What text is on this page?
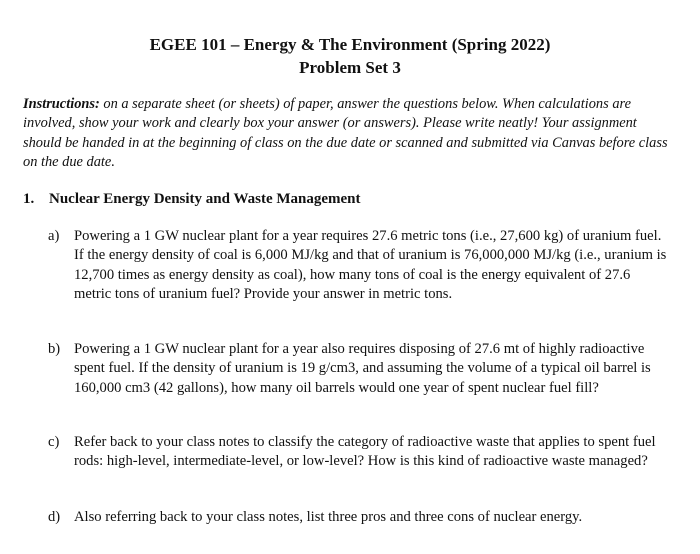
EGEE 101 – Energy & The Environment (Spring 2022)
Problem Set 3
Instructions: on a separate sheet (or sheets) of paper, answer the questions below. When calculations are involved, show your work and clearly box your answer (or answers). Please write neatly! Your assignment should be handed in at the beginning of class on the due date or scanned and submitted via Canvas before class on the due date.
1. Nuclear Energy Density and Waste Management
a) Powering a 1 GW nuclear plant for a year requires 27.6 metric tons (i.e., 27,600 kg) of uranium fuel. If the energy density of coal is 6,000 MJ/kg and that of uranium is 76,000,000 MJ/kg (i.e., uranium is 12,700 times as energy density as coal), how many tons of coal is the energy equivalent of 27.6 metric tons of uranium fuel? Provide your answer in metric tons.
b) Powering a 1 GW nuclear plant for a year also requires disposing of 27.6 mt of highly radioactive spent fuel. If the density of uranium is 19 g/cm3, and assuming the volume of a typical oil barrel is 160,000 cm3 (42 gallons), how many oil barrels would one year of spent nuclear fuel fill?
c) Refer back to your class notes to classify the category of radioactive waste that applies to spent fuel rods: high-level, intermediate-level, or low-level? How is this kind of radioactive waste managed?
d) Also referring back to your class notes, list three pros and three cons of nuclear energy.
